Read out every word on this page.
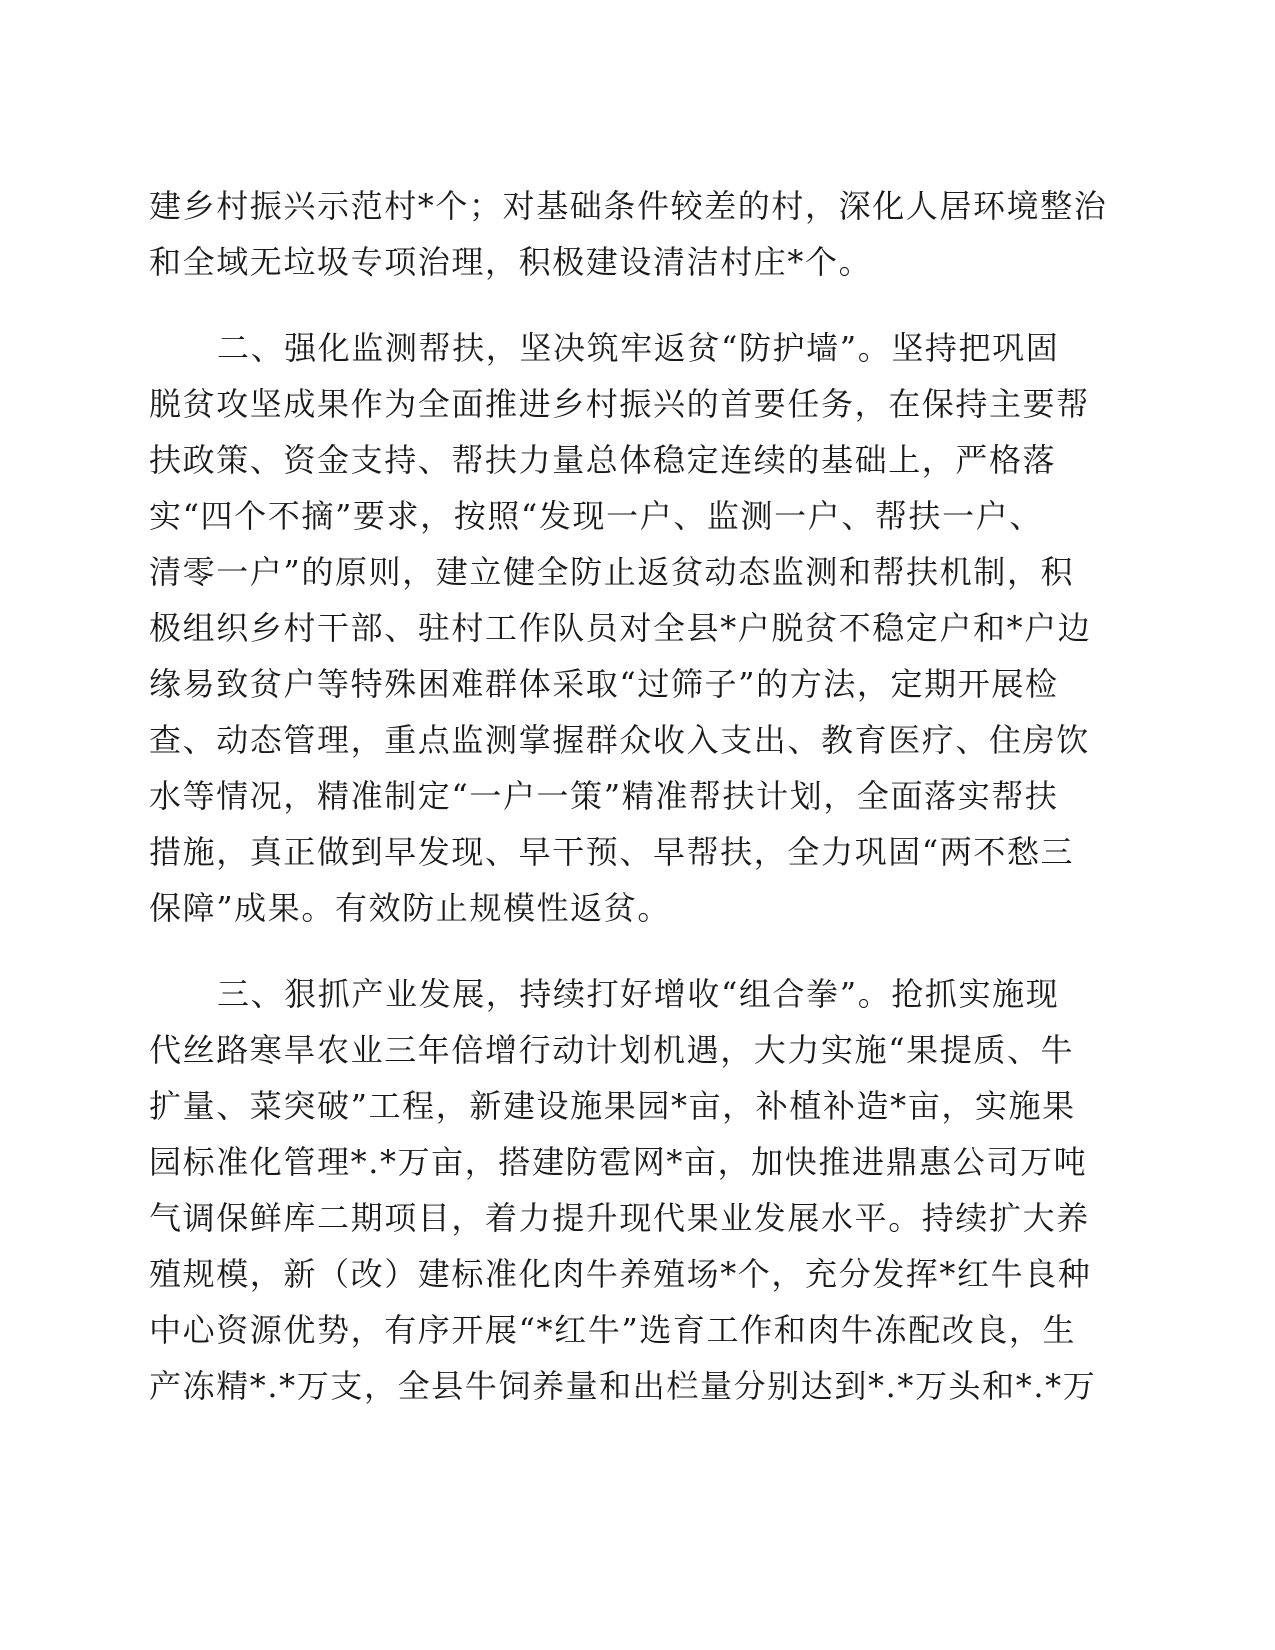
建乡村振兴示范村*个；对基础条件较差的村，深化人居环境整治
和全域无垃圾专项治理，积极建设清洁村庄*个。
二、强化监测帮扶，坚决筑牢返贫“防护墙”。坚持把巩固
脱贫攻坚成果作为全面推进乡村振兴的首要任务，在保持主要帮
扶政策、资金支持、帮扶力量总体稳定连续的基础上，严格落
实“四个不摘”要求，按照“发现一户、监测一户、帮扶一户、
清零一户”的原则，建立健全防止返贫动态监测和帮扶机制，积
极组织乡村干部、驻村工作队员对全县*户脱贫不稳定户和*户边
缘易致贫户等特殊困难群体采取“过筛子”的方法，定期开展检
查、动态管理，重点监测掌握群众收入支出、教育医疗、住房饮
水等情况，精准制定“一户一策”精准帮扶计划，全面落实帮扶
措施，真正做到早发现、早干预、早帮扶，全力巩固“两不愁三
保障”成果。有效防止规模性返贫。
三、狠抓产业发展，持续打好增收“组合拳”。抢抓实施现
代丝路寒旱农业三年倍增行动计划机遇，大力实施“果提质、牛
扩量、菜突破”工程，新建设施果园*亩，补植补造*亩，实施果
园标准化管理*.*万亩，搭建防雹网*亩，加快推进鼎惠公司万吨
气调保鲜库二期项目，着力提升现代果业发展水平。持续扩大养
殖规模，新（改）建标准化肉牛养殖场*个，充分发挥*红牛良种
中心资源优势，有序开展“*红牛”选育工作和肉牛冻配改良，生
产冻精*.*万支，全县牛饲养量和出栏量分别达到*.*万头和*.*万
